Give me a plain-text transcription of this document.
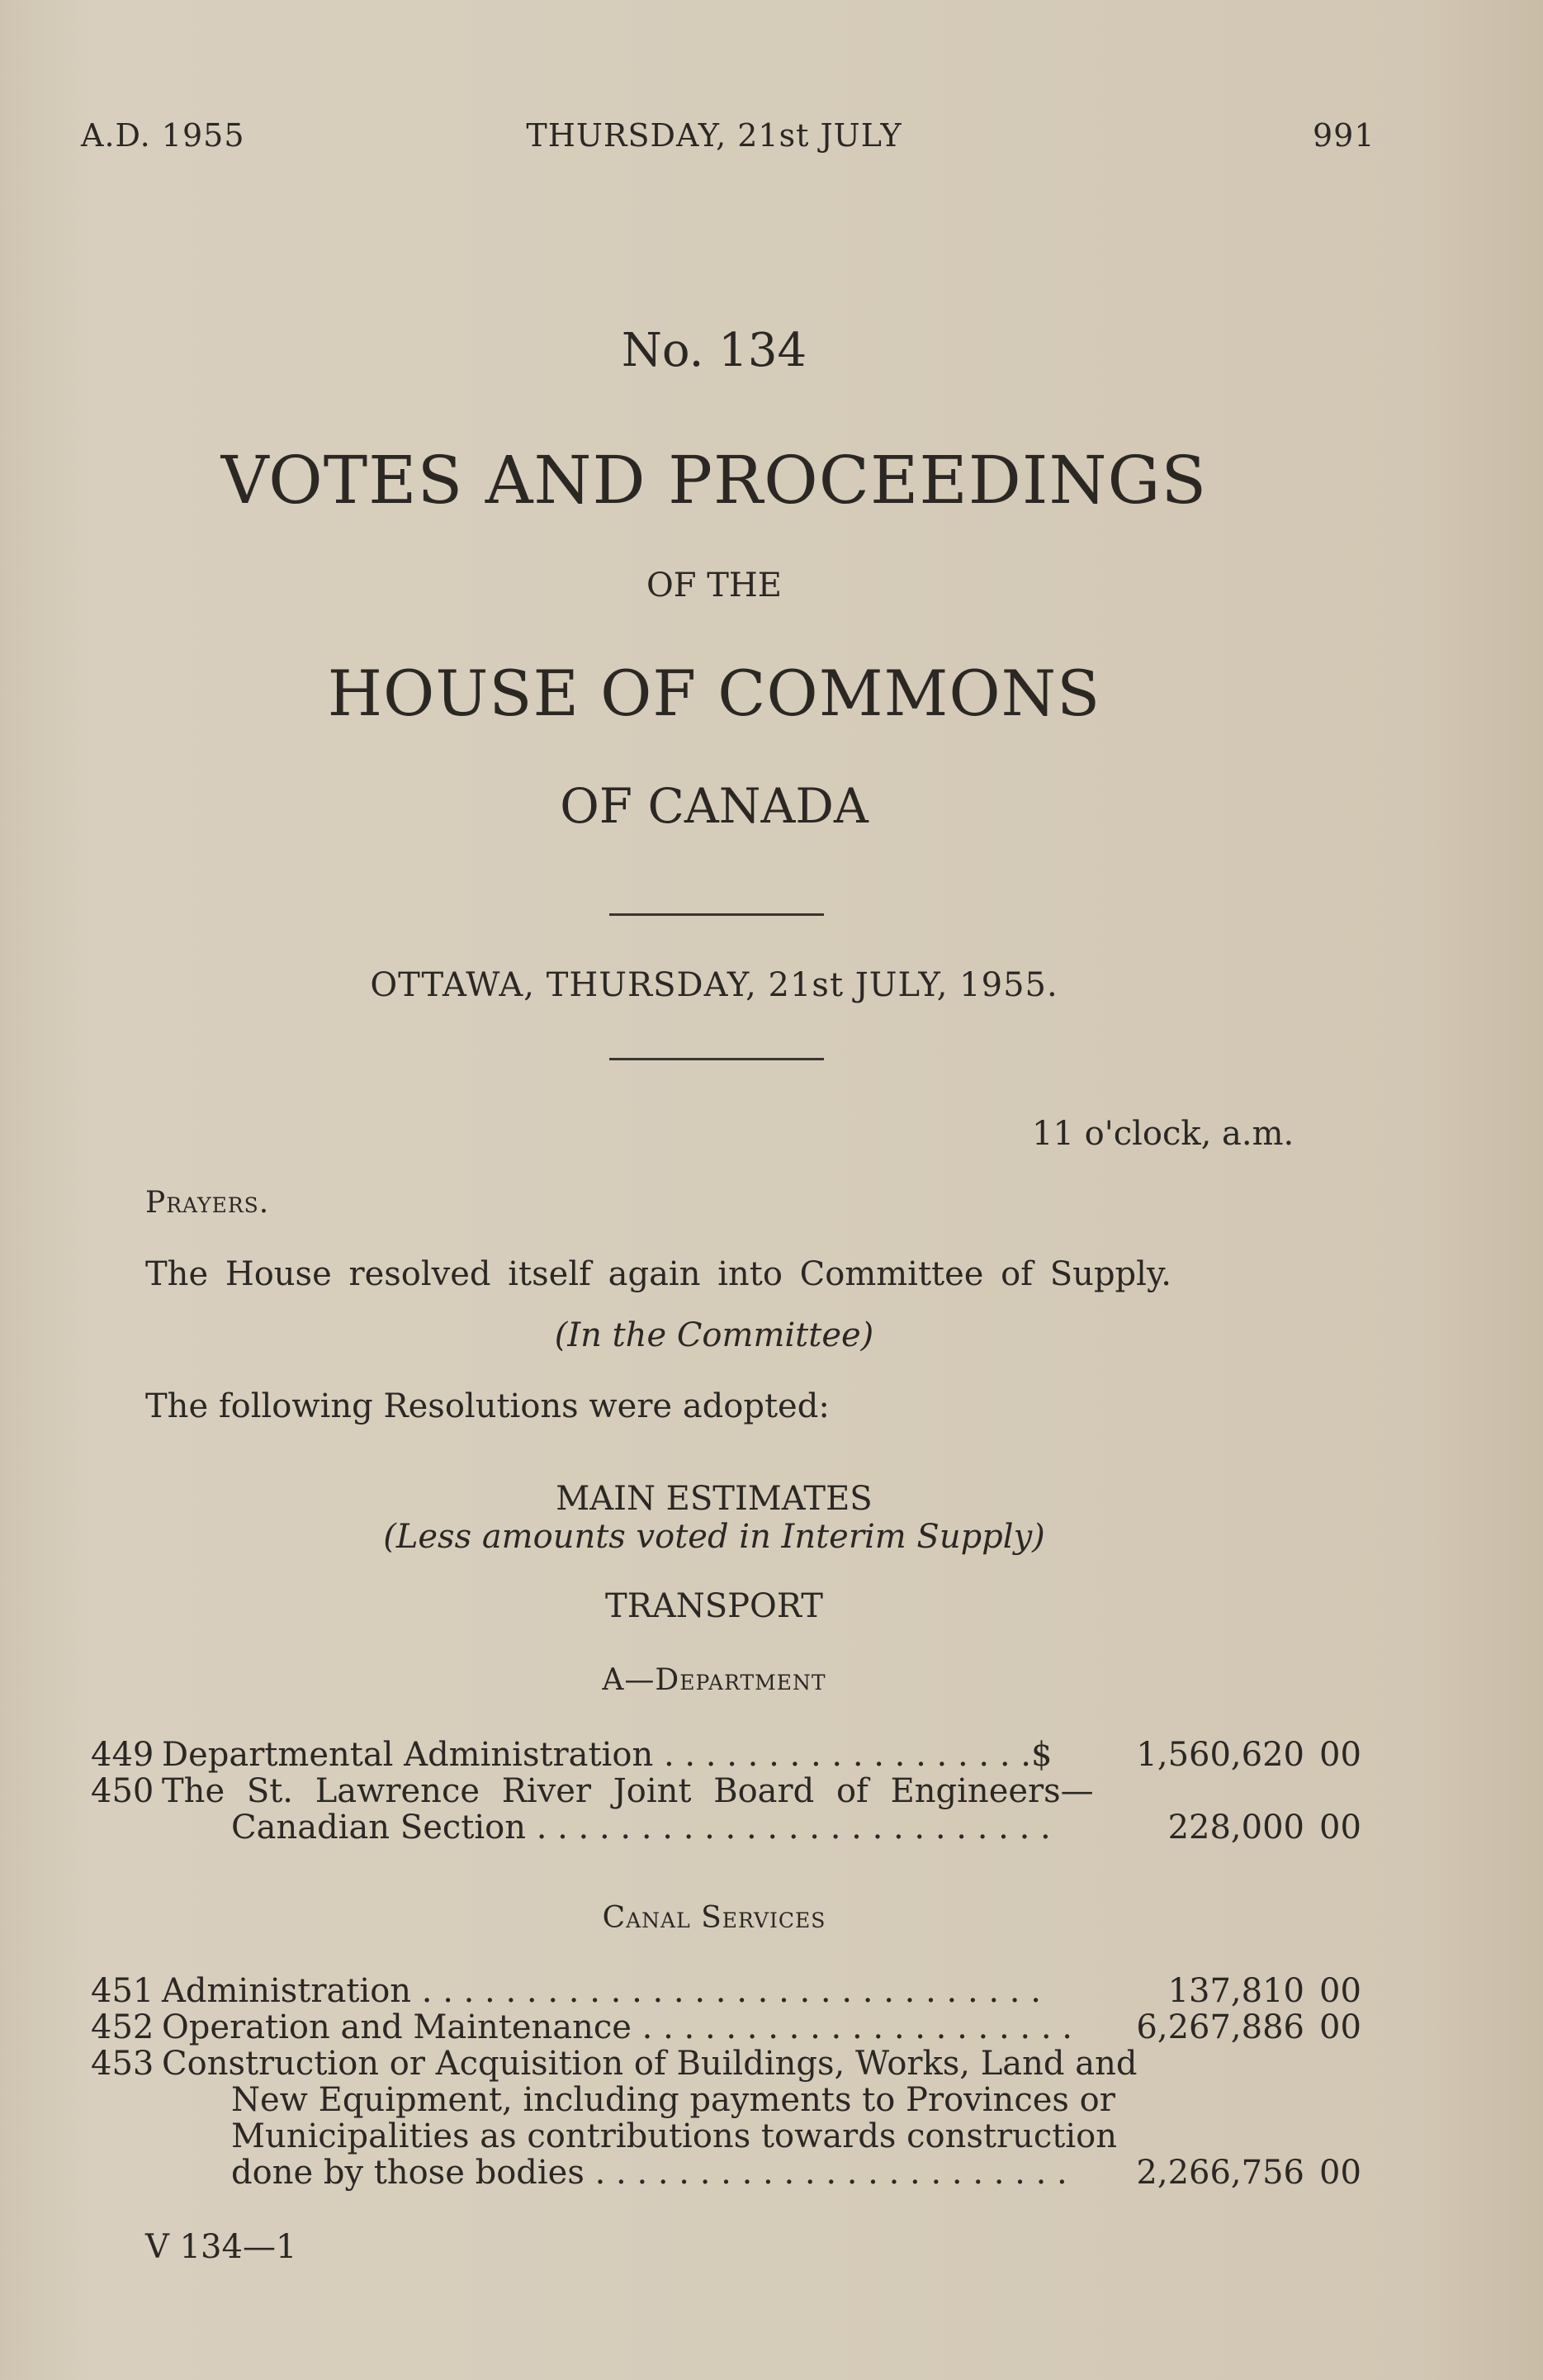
A.D. 1955	THURSDAY, 21st JULY	991
No. 134
VOTES AND PROCEEDINGS
OF THE
HOUSE OF COMMONS
OF CANADA
OTTAWA, THURSDAY, 21st JULY, 1955.
11 o'clock, a.m.
Prayers.
The House resolved itself again into Committee of Supply.
(In the Committee)
The following Resolutions were adopted:
MAIN ESTIMATES
(Less amounts voted in Interim Supply)
TRANSPORT
A—Department
449 Departmental Administration . . . . . . . . . . . . . . . . . .$	1,560,620 00
450 The St. Lawrence River Joint Board of Engineers—
Canadian Section . . . . . . . . . . . . . . . . . . . . . . . . .	228,000 00
Canal Services
451 Administration . . . . . . . . . . . . . . . . . . . . . . . . . . . . . .	137,810 00
452 Operation and Maintenance . . . . . . . . . . . . . . . . . . . . . 6,267,886 00
453 Construction or Acquisition of Buildings, Works, Land and
New Equipment, including payments to Provinces or
Municipalities as contributions towards construction
done by those bodies . . . . . . . . . . . . . . . . . . . . . . . 2,266,756 00
V 134—1
